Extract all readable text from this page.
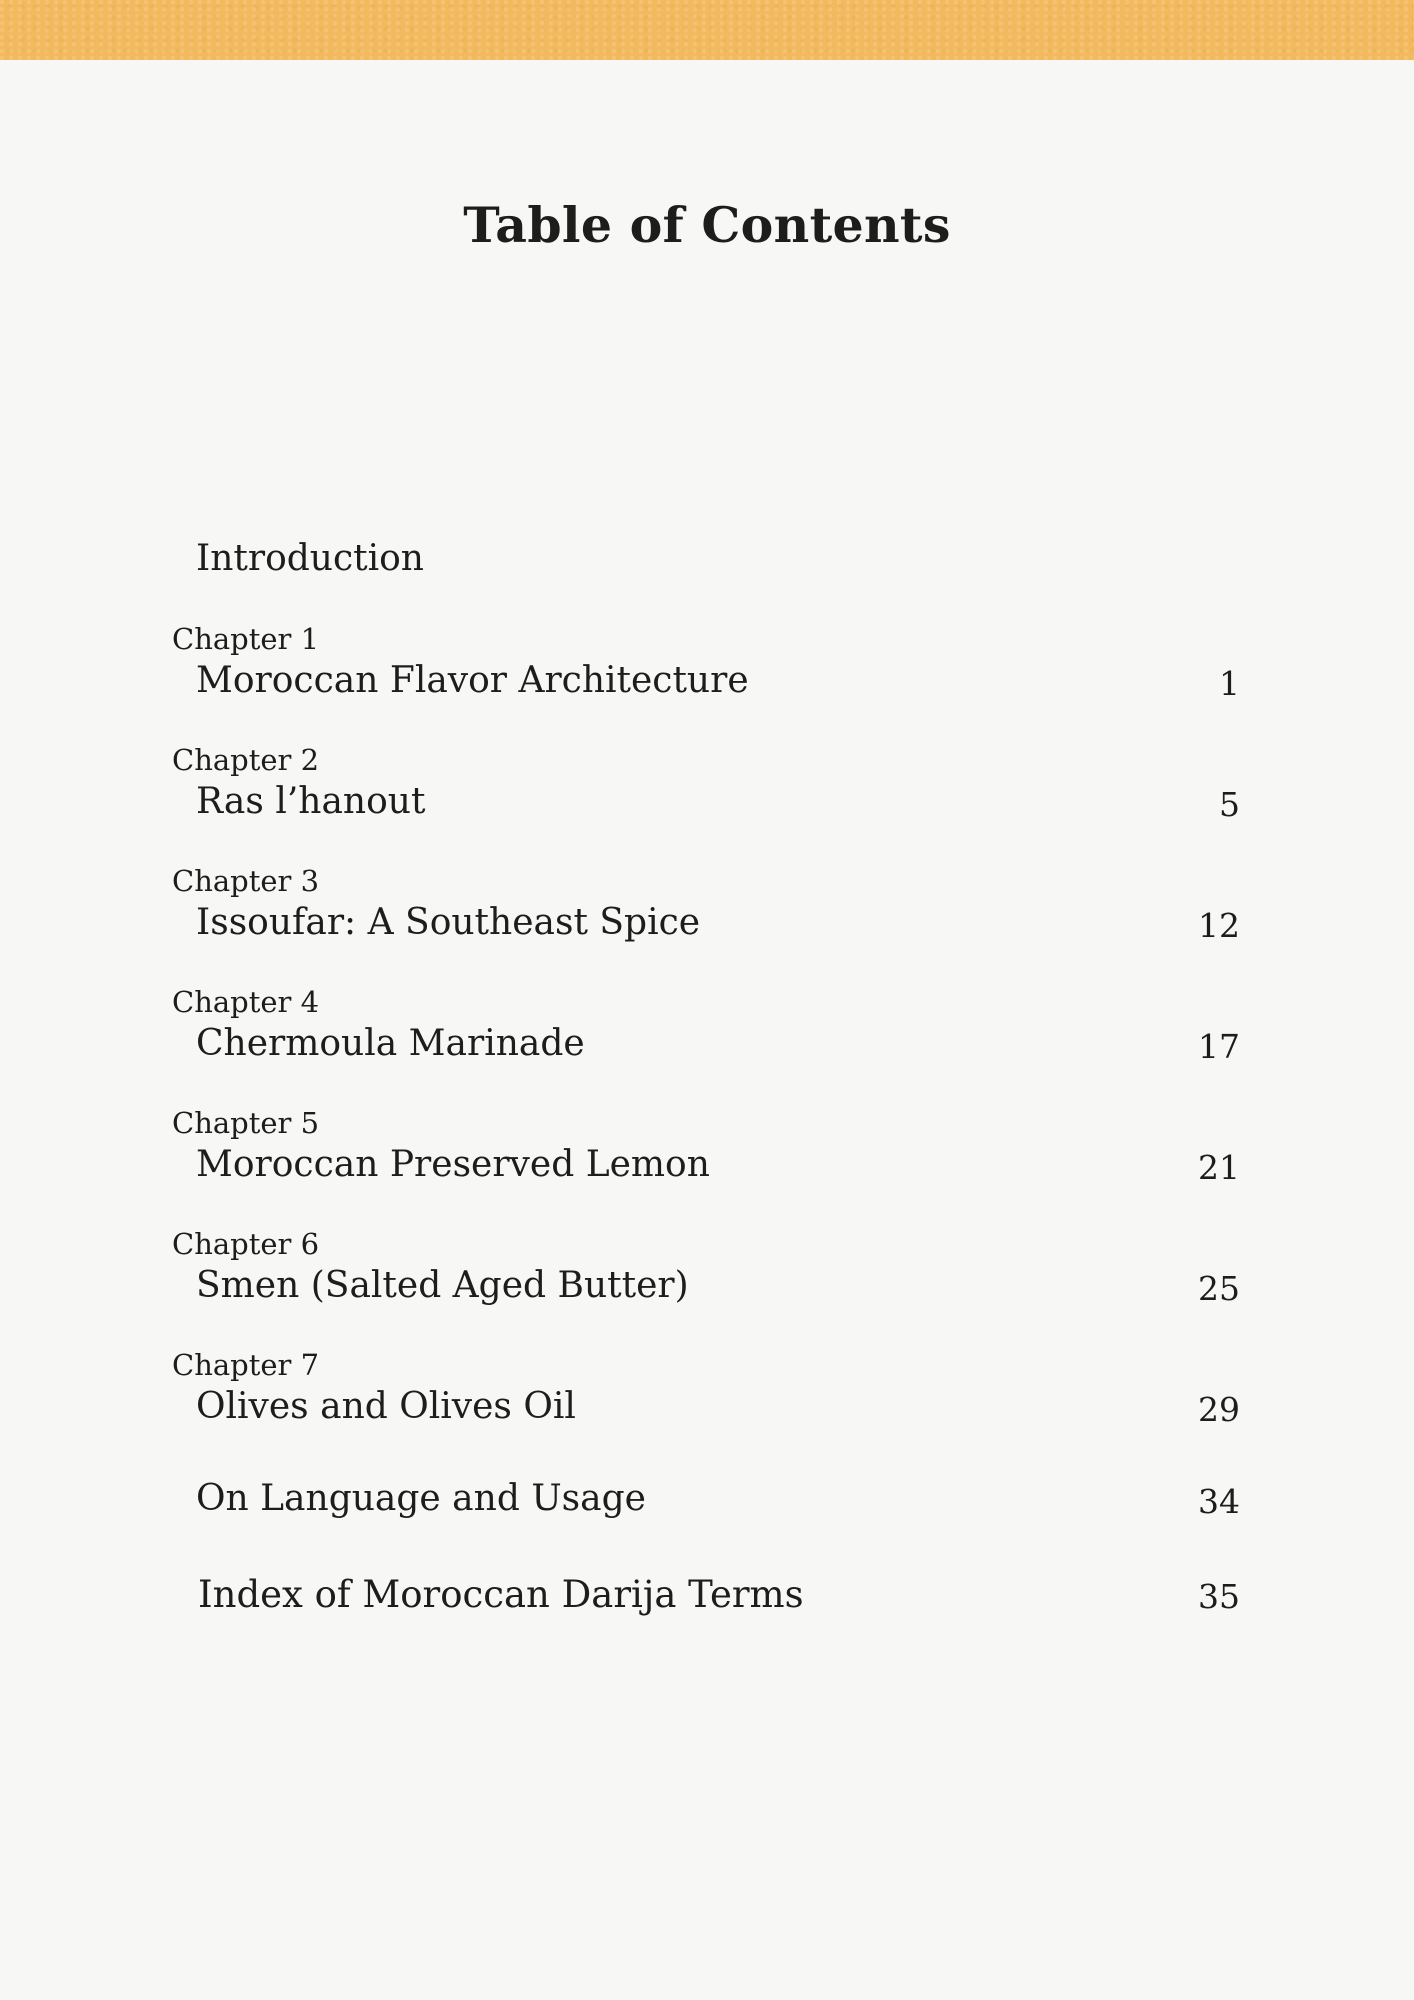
Table of Contents
Introduction
Chapter 1
Moroccan Flavor Architecture	1
Chapter 2
Ras l’hanout	5
Chapter 3
Issoufar: A Southeast Spice	12
Chapter 4
Chermoula Marinade	17
Chapter 5
Moroccan Preserved Lemon	21
Chapter 6
Smen (Salted Aged Butter)	25
Chapter 7
Olives and Olives Oil	29
On Language and Usage	34
Index of Moroccan Darija Terms	35
